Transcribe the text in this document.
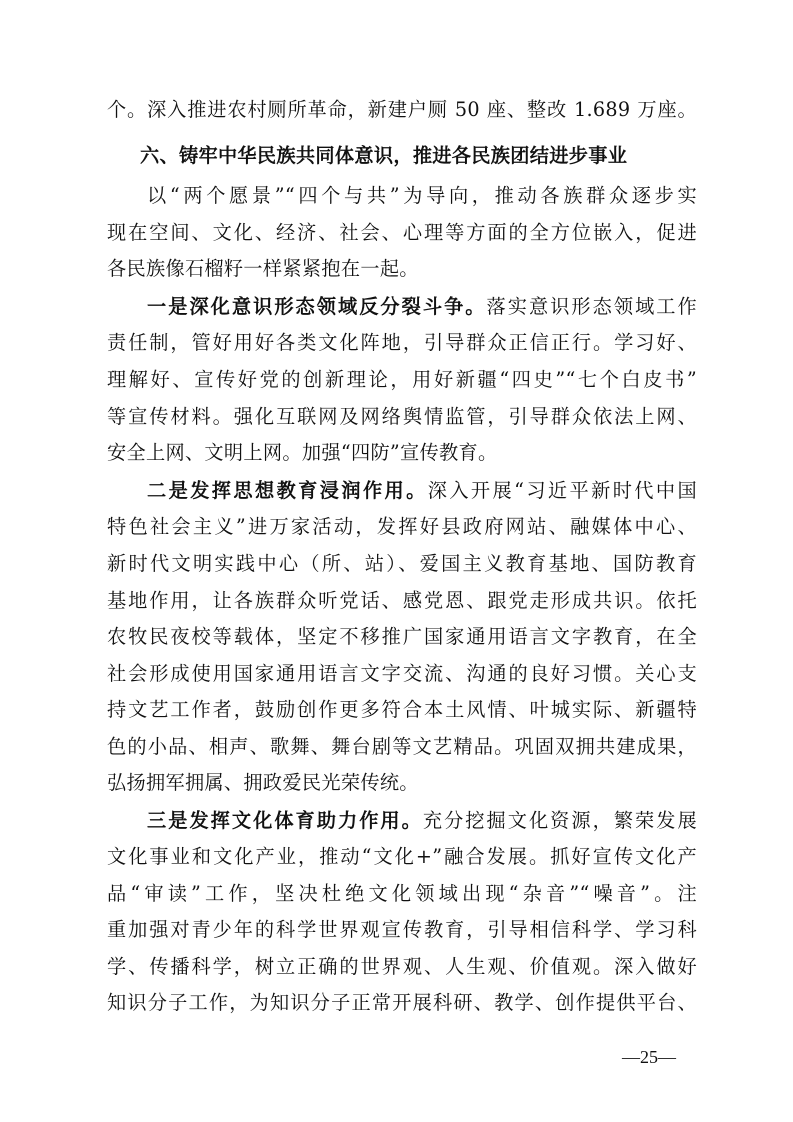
个。深入推进农村厕所革命，新建户厕 50 座、整改 1.689 万座。
六、铸牢中华民族共同体意识，推进各民族团结进步事业
以“两个愿景”“四个与共”为导向，推动各族群众逐步实
现在空间、文化、经济、社会、心理等方面的全方位嵌入，促进
各民族像石榴籽一样紧紧抱在一起。
一是深化意识形态领域反分裂斗争。落实意识形态领域工作
责任制，管好用好各类文化阵地，引导群众正信正行。学习好、
理解好、宣传好党的创新理论，用好新疆“四史”“七个白皮书”
等宣传材料。强化互联网及网络舆情监管，引导群众依法上网、
安全上网、文明上网。加强“四防”宣传教育。
二是发挥思想教育浸润作用。深入开展“习近平新时代中国
特色社会主义”进万家活动，发挥好县政府网站、融媒体中心、
新时代文明实践中心（所、站）、爱国主义教育基地、国防教育
基地作用，让各族群众听党话、感党恩、跟党走形成共识。依托
农牧民夜校等载体，坚定不移推广国家通用语言文字教育，在全
社会形成使用国家通用语言文字交流、沟通的良好习惯。关心支
持文艺工作者，鼓励创作更多符合本土风情、叶城实际、新疆特
色的小品、相声、歌舞、舞台剧等文艺精品。巩固双拥共建成果，
弘扬拥军拥属、拥政爱民光荣传统。
三是发挥文化体育助力作用。充分挖掘文化资源，繁荣发展
文化事业和文化产业，推动“文化+”融合发展。抓好宣传文化产
品“审读”工作，坚决杜绝文化领域出现“杂音”“噪音”。注
重加强对青少年的科学世界观宣传教育，引导相信科学、学习科
学、传播科学，树立正确的世界观、人生观、价值观。深入做好
知识分子工作，为知识分子正常开展科研、教学、创作提供平台、
—25—
